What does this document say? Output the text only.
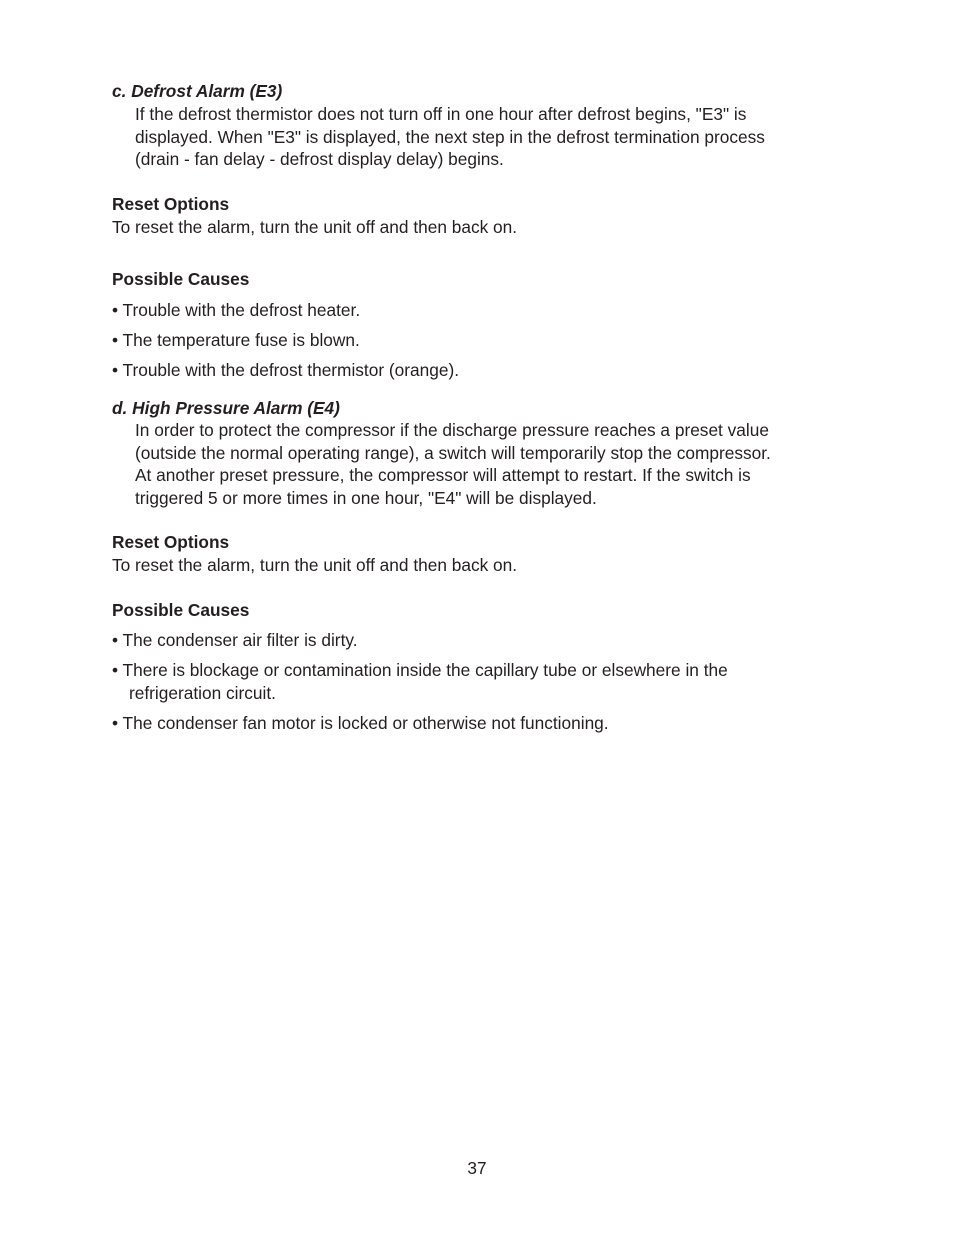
c. Defrost Alarm (E3)
If the defrost thermistor does not turn off in one hour after defrost begins, "E3" is
displayed. When "E3" is displayed, the next step in the defrost termination process
(drain - fan delay - defrost display delay) begins.
Reset Options
To reset the alarm, turn the unit off and then back on.
Possible Causes
• Trouble with the defrost heater.
• The temperature fuse is blown.
• Trouble with the defrost thermistor (orange).
d. High Pressure Alarm (E4)
In order to protect the compressor if the discharge pressure reaches a preset value
(outside the normal operating range), a switch will temporarily stop the compressor.
At another preset pressure, the compressor will attempt to restart. If the switch is
triggered 5 or more times in one hour, "E4" will be displayed.
Reset Options
To reset the alarm, turn the unit off and then back on.
Possible Causes
• The condenser air filter is dirty.
• There is blockage or contamination inside the capillary tube or elsewhere in the
refrigeration circuit.
• The condenser fan motor is locked or otherwise not functioning.
37
